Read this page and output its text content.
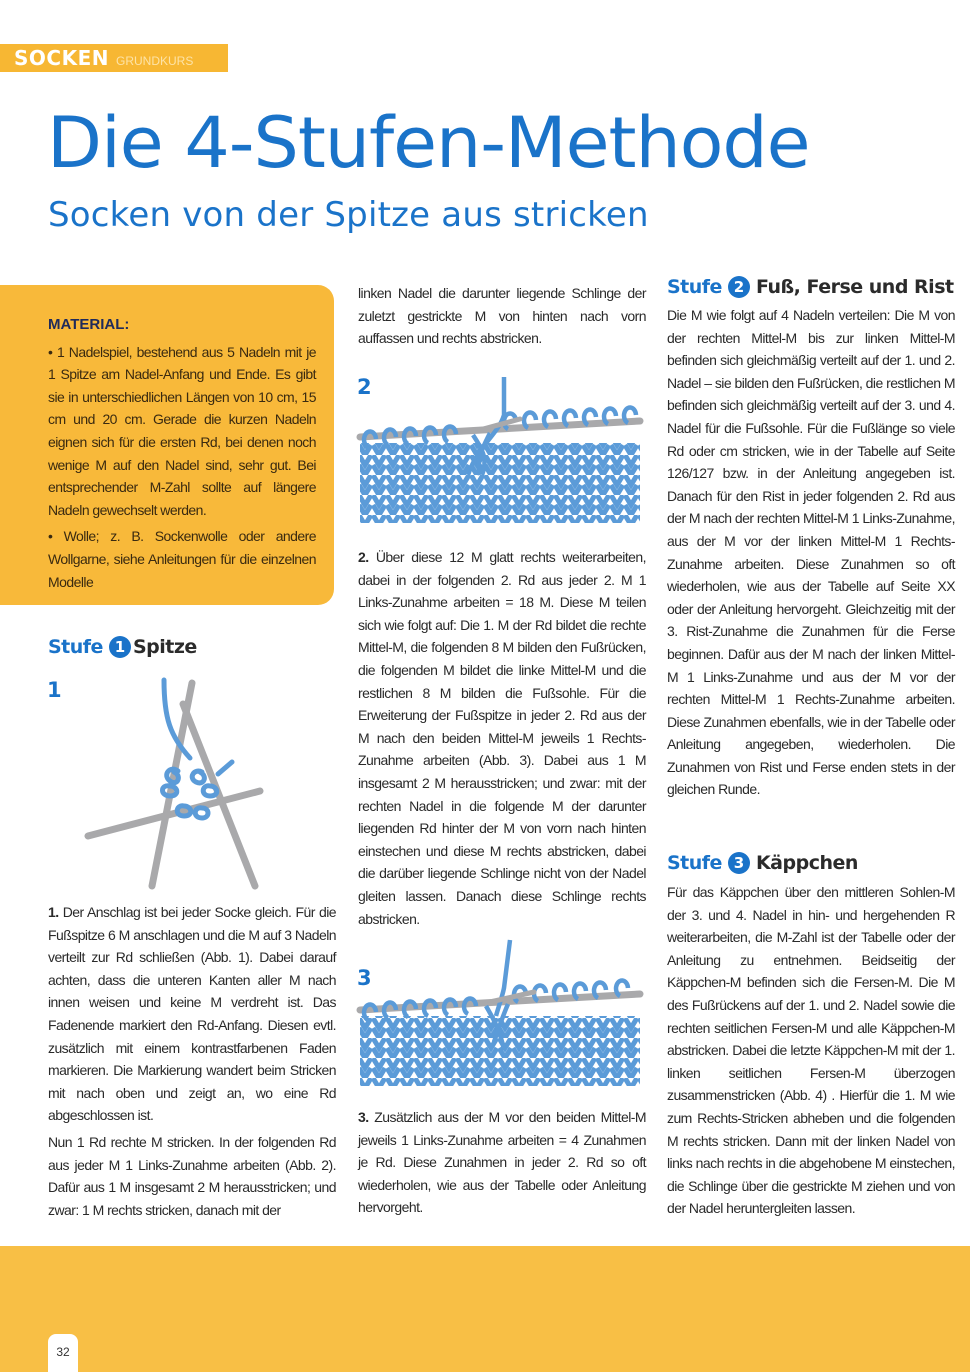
SOCKEN GRUNDKURS
Die 4-Stufen-Methode
Socken von der Spitze aus stricken

MATERIAL:

• 1 Nadelspiel, bestehend aus 5 Nadeln mit je 1 Spitze am Nadel-Anfang und Ende. Es gibt sie in unterschiedlichen Längen von 10 cm, 15 cm und 20 cm. Gerade die kurzen Nadeln eignen sich für die ersten Rd, bei denen noch wenige M auf den Nadel sind, sehr gut. Bei entsprechender M-Zahl sollte auf längere Nadeln gewechselt werden.

• Wolle; z. B. Sockenwolle oder andere Wollgarne, siehe Anleitungen für die einzelnen Modelle

Stufe 1 Spitze
1

1. Der Anschlag ist bei jeder Socke gleich. Für die Fußspitze 6 M anschlagen und die M auf 3 Nadeln verteilt zur Rd schließen (Abb. 1). Dabei darauf achten, dass die unteren Kanten aller M nach innen weisen und keine M verdreht ist. Das Fadenende markiert den Rd-Anfang. Diesen evtl. zusätzlich mit einem kontrastfarbenen Faden markieren. Die Markierung wandert beim Stricken mit nach oben und zeigt an, wo eine Rd abgeschlossen ist.

Nun 1 Rd rechte M stricken. In der folgenden Rd aus jeder M 1 Links-Zunahme arbeiten (Abb. 2). Dafür aus 1 M insgesamt 2 M herausstricken; und zwar: 1 M rechts stricken, danach mit der

linken Nadel die darunter liegende Schlinge der zuletzt gestrickte M von hinten nach vorn auffassen und rechts abstricken.
2

2. Über diese 12 M glatt rechts weiterarbeiten, dabei in der folgenden 2. Rd aus jeder 2. M 1 Links-Zunahme arbeiten = 18 M. Diese M teilen sich wie folgt auf: Die 1. M der Rd bildet die rechte Mittel-M, die folgenden 8 M bilden den Fußrücken, die folgenden M bildet die linke Mittel-M und die restlichen 8 M bilden die Fußsohle. Für die Erweiterung der Fußspitze in jeder 2. Rd aus der M nach den beiden Mittel-M jeweils 1 Rechts-Zunahme arbeiten (Abb. 3). Dabei aus 1 M insgesamt 2 M herausstricken; und zwar: mit der rechten Nadel in die folgende M der darunter liegenden Rd hinter der M von vorn nach hinten einstechen und diese M rechts abstricken, dabei die darüber liegende Schlinge nicht von der Nadel gleiten lassen. Danach diese Schlinge rechts abstricken.

3

3. Zusätzlich aus der M vor den beiden Mittel-M jeweils 1 Links-Zunahme arbeiten = 4 Zunahmen je Rd. Diese Zunahmen in jeder 2. Rd so oft wiederholen, wie aus der Tabelle oder Anleitung hervorgeht.

Stufe 2 Fuß, Ferse und Rist
Die M wie folgt auf 4 Nadeln verteilen: Die M von der rechten Mittel-M bis zur linken Mittel-M befinden sich gleichmäßig verteilt auf der 1. und 2. Nadel – sie bilden den Fußrücken, die restlichen M befinden sich gleichmäßig verteilt auf der 3. und 4. Nadel für die Fußsohle. Für die Fußlänge so viele Rd oder cm stricken, wie in der Tabelle auf Seite 126/127 bzw. in der Anleitung angegeben ist. Danach für den Rist in jeder folgenden 2. Rd aus der M nach der rechten Mittel-M 1 Links-Zunahme, aus der M vor der linken Mittel-M 1 Rechts-Zunahme arbeiten. Diese Zunahmen so oft wiederholen, wie aus der Tabelle auf Seite XX oder der Anleitung hervorgeht. Gleichzeitig mit der 3. Rist-Zunahme die Zunahmen für die Ferse beginnen. Dafür aus der M nach der linken Mittel-M 1 Links-Zunahme und aus der M vor der rechten Mittel-M 1 Rechts-Zunahme arbeiten. Diese Zunahmen ebenfalls, wie in der Tabelle oder Anleitung angegeben, wiederholen. Die Zunahmen von Rist und Ferse enden stets in der gleichen Runde.
Stufe 3 Käppchen
Für das Käppchen über den mittleren Sohlen-M der 3. und 4. Nadel in hin- und hergehenden R weiterarbeiten, die M-Zahl ist der Tabelle oder der Anleitung zu entnehmen. Beidseitig der Käppchen-M befinden sich die Fersen-M. Die M des Fußrückens auf der 1. und 2. Nadel sowie die rechten seitlichen Fersen-M und alle Käppchen-M abstricken. Dabei die letzte Käppchen-M mit der 1. linken seitlichen Fersen-M überzogen zusammenstricken (Abb. 4) . Hierfür die 1. M wie zum Rechts-Stricken abheben und die folgenden M rechts stricken. Dann mit der linken Nadel von links nach rechts in die abgehobene M einstechen, die Schlinge über die gestrickte M ziehen und von der Nadel heruntergleiten lassen.
32
